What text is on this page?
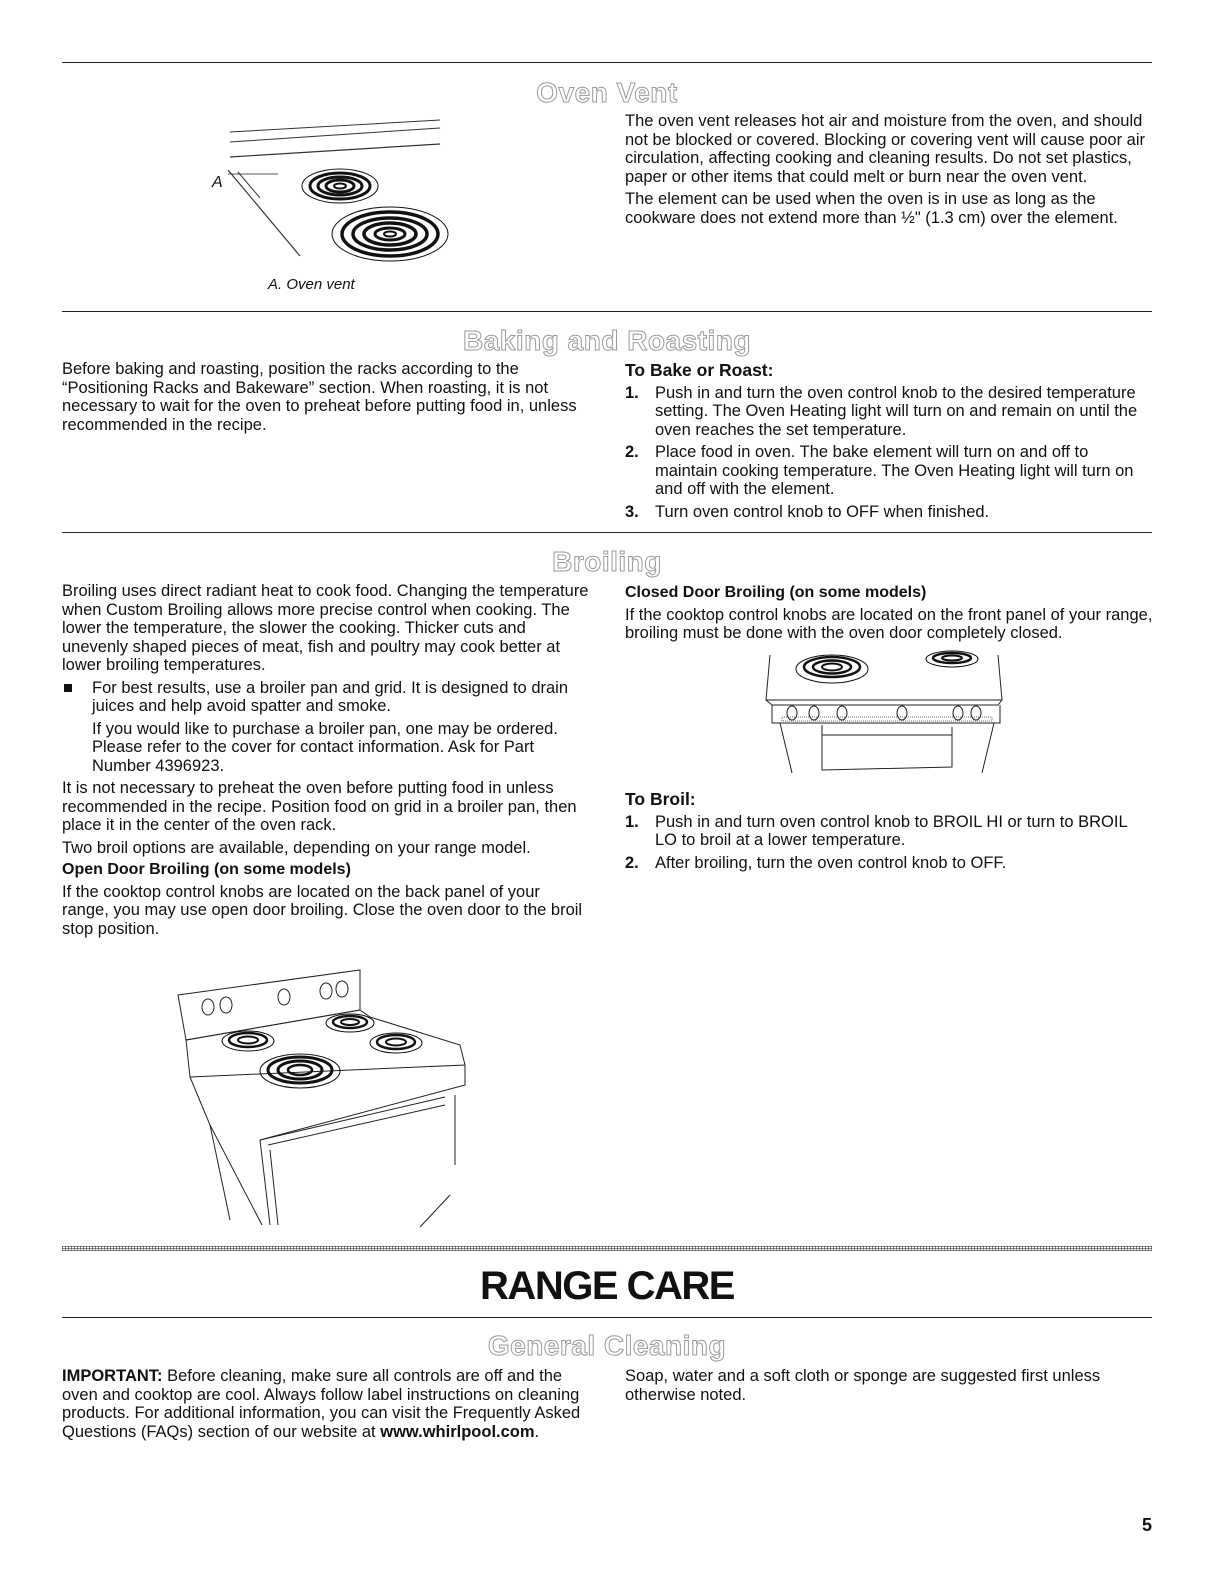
Oven Vent
A
A. Oven vent

The oven vent releases hot air and moisture from the oven, and should not be blocked or covered. Blocking or covering vent will cause poor air circulation, affecting cooking and cleaning results. Do not set plastics, paper or other items that could melt or burn near the oven vent.

The element can be used when the oven is in use as long as the cookware does not extend more than ½" (1.3 cm) over the element.

Baking and Roasting

Before baking and roasting, position the racks according to the “Positioning Racks and Bakeware” section. When roasting, it is not necessary to wait for the oven to preheat before putting food in, unless recommended in the recipe.

To Bake or Roast:
1. Push in and turn the oven control knob to the desired temperature setting. The Oven Heating light will turn on and remain on until the oven reaches the set temperature.
2. Place food in oven. The bake element will turn on and off to maintain cooking temperature. The Oven Heating light will turn on and off with the element.
3. Turn oven control knob to OFF when finished.
Broiling

Broiling uses direct radiant heat to cook food. Changing the temperature when Custom Broiling allows more precise control when cooking. The lower the temperature, the slower the cooking. Thicker cuts and unevenly shaped pieces of meat, fish and poultry may cook better at lower broiling temperatures.

For best results, use a broiler pan and grid. It is designed to drain juices and help avoid spatter and smoke.

If you would like to purchase a broiler pan, one may be ordered. Please refer to the cover for contact information. Ask for Part Number 4396923.

It is not necessary to preheat the oven before putting food in unless recommended in the recipe. Position food on grid in a broiler pan, then place it in the center of the oven rack.

Two broil options are available, depending on your range model.

Open Door Broiling (on some models)

If the cooktop control knobs are located on the back panel of your range, you may use open door broiling. Close the oven door to the broil stop position.

Closed Door Broiling (on some models)

If the cooktop control knobs are located on the front panel of your range, broiling must be done with the oven door completely closed.

To Broil:
1. Push in and turn oven control knob to BROIL HI or turn to BROIL LO to broil at a lower temperature.
2. After broiling, turn the oven control knob to OFF.
RANGE CARE
General Cleaning

IMPORTANT: Before cleaning, make sure all controls are off and the oven and cooktop are cool. Always follow label instructions on cleaning products. For additional information, you can visit the Frequently Asked Questions (FAQs) section of our website at www.whirlpool.com.

Soap, water and a soft cloth or sponge are suggested first unless otherwise noted.

5
